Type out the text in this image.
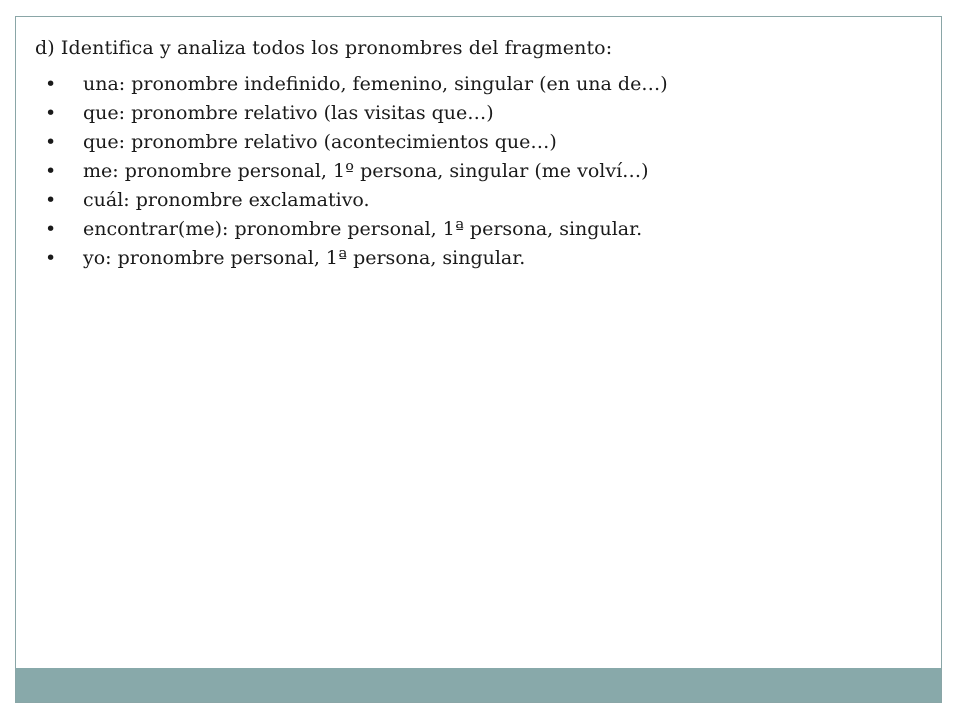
d) Identifica y analiza todos los pronombres del fragmento:
• una: pronombre indefinido, femenino, singular (en una de…)
• que: pronombre relativo (las visitas que…)
• que: pronombre relativo (acontecimientos que…)
• me: pronombre personal, 1º persona, singular (me volví…)
• cuál: pronombre exclamativo.
• encontrar(me): pronombre personal, 1ª persona, singular.
• yo: pronombre personal, 1ª persona, singular.
